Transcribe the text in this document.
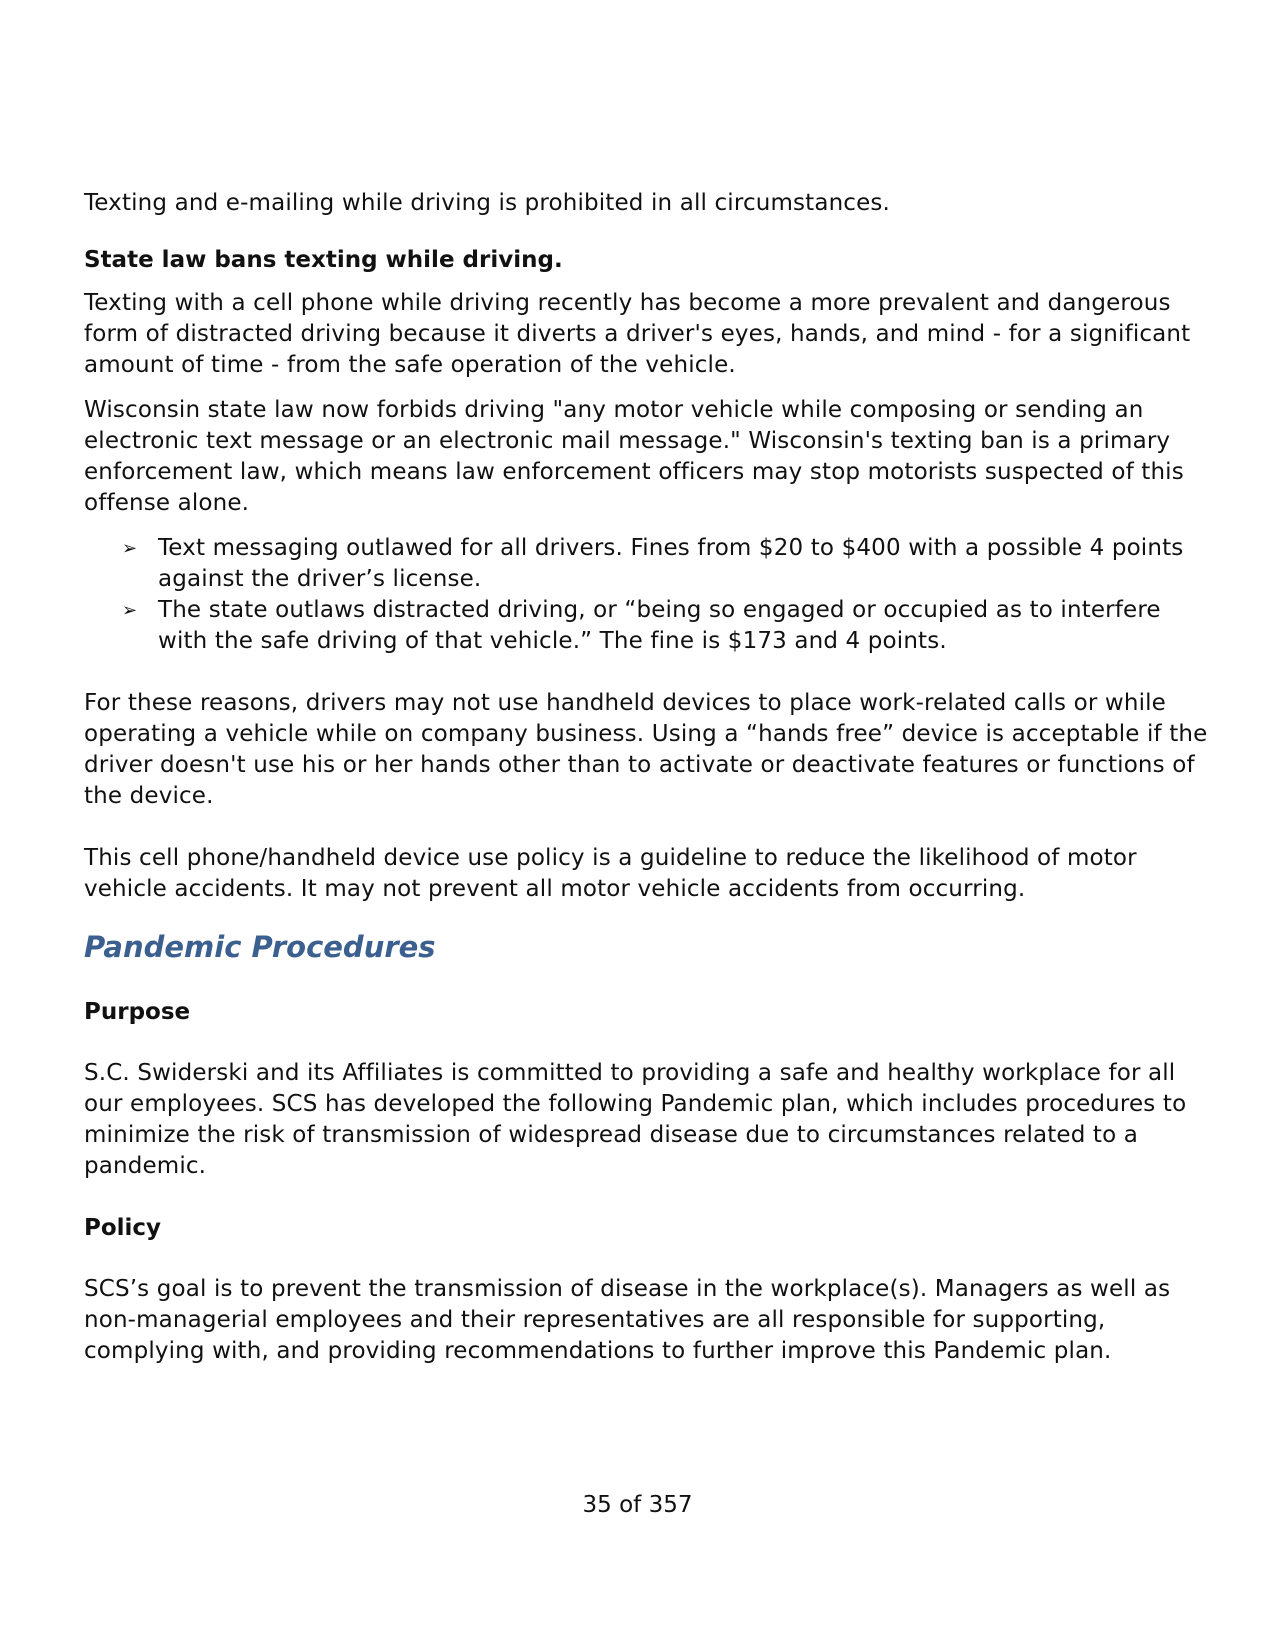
Texting and e-mailing while driving is prohibited in all circumstances.

State law bans texting while driving.

Texting with a cell phone while driving recently has become a more prevalent and dangerous form of distracted driving because it diverts a driver's eyes, hands, and mind - for a significant amount of time - from the safe operation of the vehicle.

Wisconsin state law now forbids driving "any motor vehicle while composing or sending an electronic text message or an electronic mail message." Wisconsin's texting ban is a primary enforcement law, which means law enforcement officers may stop motorists suspected of this offense alone.

➢ Text messaging outlawed for all drivers. Fines from $20 to $400 with a possible 4 points against the driver’s license.
➢ The state outlaws distracted driving, or “being so engaged or occupied as to interfere with the safe driving of that vehicle.” The fine is $173 and 4 points.

For these reasons, drivers may not use handheld devices to place work-related calls or while operating a vehicle while on company business. Using a “hands free” device is acceptable if the driver doesn't use his or her hands other than to activate or deactivate features or functions of the device.

This cell phone/handheld device use policy is a guideline to reduce the likelihood of motor vehicle accidents. It may not prevent all motor vehicle accidents from occurring.

Pandemic Procedures
Purpose

S.C. Swiderski and its Affiliates is committed to providing a safe and healthy workplace for all our employees. SCS has developed the following Pandemic plan, which includes procedures to minimize the risk of transmission of widespread disease due to circumstances related to a pandemic.

Policy

SCS’s goal is to prevent the transmission of disease in the workplace(s). Managers as well as non-managerial employees and their representatives are all responsible for supporting, complying with, and providing recommendations to further improve this Pandemic plan.

35 of 357
